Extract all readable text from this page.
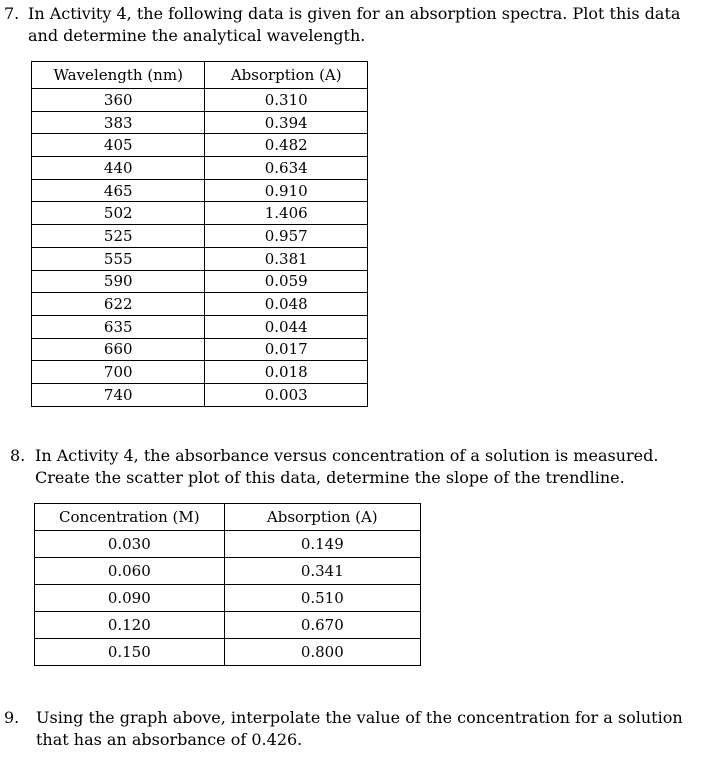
7. In Activity 4, the following data is given for an absorption spectra. Plot this data and determine the analytical wavelength.
Wavelength (nm)	Absorption (A)
360	0.310
383	0.394
405	0.482
440	0.634
465	0.910
502	1.406
525	0.957
555	0.381
590	0.059
622	0.048
635	0.044
660	0.017
700	0.018
740	0.003
8. In Activity 4, the absorbance versus concentration of a solution is measured. Create the scatter plot of this data, determine the slope of the trendline.
Concentration (M)	Absorption (A)
0.030	0.149
0.060	0.341
0.090	0.510
0.120	0.670
0.150	0.800
9. Using the graph above, interpolate the value of the concentration for a solution that has an absorbance of 0.426.
